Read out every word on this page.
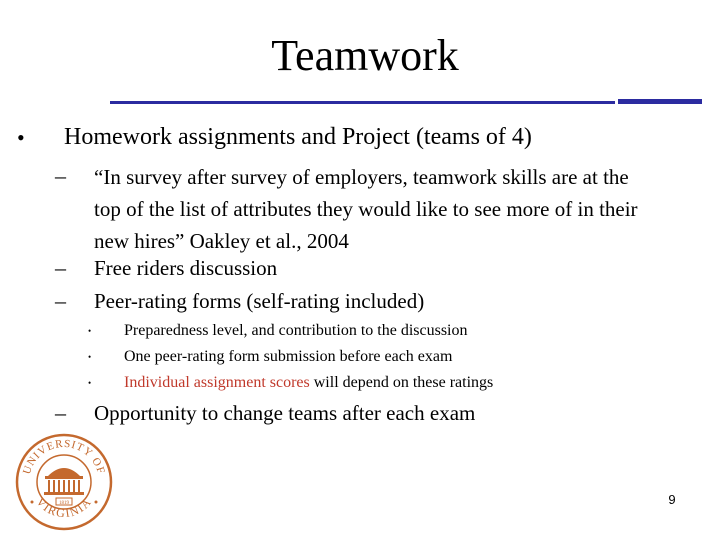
Teamwork
• Homework assignments and Project (teams of 4)
– “In survey after survey of employers, teamwork skills are at the
top of the list of attributes they would like to see more of in their
new hires” Oakley et al., 2004
– Free riders discussion
– Peer-rating forms (self-rating included)
• Preparedness level, and contribution to the discussion
• One peer-rating form submission before each exam
• Individual assignment scores will depend on these ratings
– Opportunity to change teams after each exam
UNIVERSITY OF
VIRGINIA
1819	9
